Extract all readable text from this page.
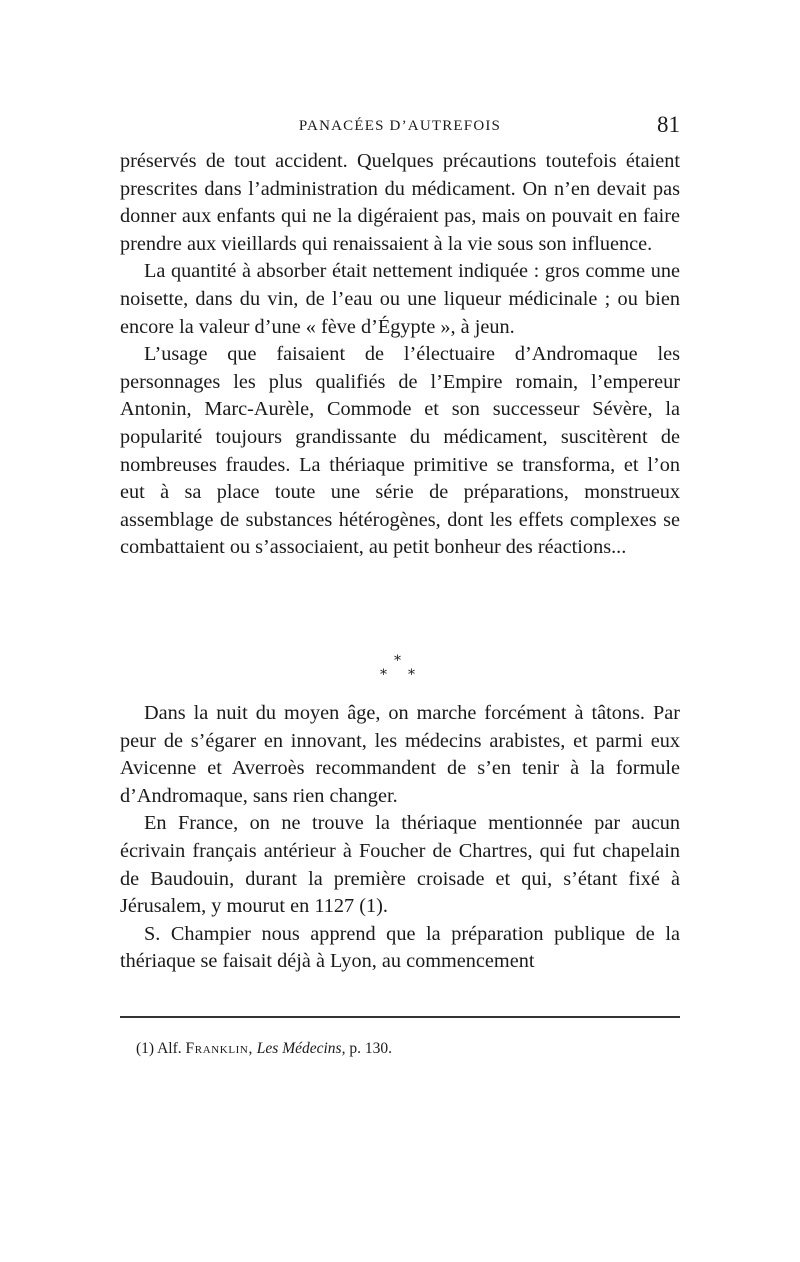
PANACÉES D’AUTREFOIS	81

préservés de tout accident. Quelques précautions toutefois étaient prescrites dans l’administration du médicament. On n’en devait pas donner aux enfants qui ne la digéraient pas, mais on pouvait en faire prendre aux vieillards qui renaissaient à la vie sous son influence.

La quantité à absorber était nettement indiquée : gros comme une noisette, dans du vin, de l’eau ou une liqueur médicinale ; ou bien encore la valeur d’une « fève d’Égypte », à jeun.

L’usage que faisaient de l’électuaire d’Andromaque les personnages les plus qualifiés de l’Empire romain, l’empereur Antonin, Marc-Aurèle, Commode et son successeur Sévère, la popularité toujours grandissante du médicament, suscitèrent de nombreuses fraudes. La thériaque primitive se transforma, et l’on eut à sa place toute une série de préparations, monstrueux assemblage de substances hétérogènes, dont les effets complexes se combattaient ou s’associaient, au petit bonheur des réactions...

*
* *

Dans la nuit du moyen âge, on marche forcément à tâtons. Par peur de s’égarer en innovant, les médecins arabistes, et parmi eux Avicenne et Averroès recommandent de s’en tenir à la formule d’Andromaque, sans rien changer.

En France, on ne trouve la thériaque mentionnée par aucun écrivain français antérieur à Foucher de Chartres, qui fut chapelain de Baudouin, durant la première croisade et qui, s’étant fixé à Jérusalem, y mourut en 1127 (1).

S. Champier nous apprend que la préparation publique de la thériaque se faisait déjà à Lyon, au commencement

(1) Alf. Franklin, Les Médecins, p. 130.
